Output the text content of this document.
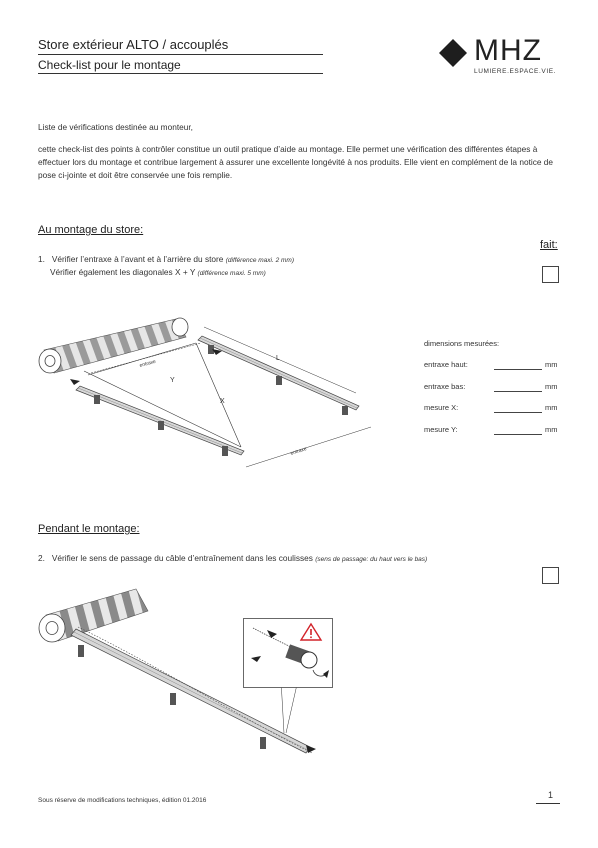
Store extérieur ALTO / accouplés
Check-list pour le montage	MHZ
LUMIERE.ESPACE.VIE.
Liste de vérifications destinée au monteur,
cette check-list des points à contrôler constitue un outil pratique d’aide au montage. Elle permet une vérification des différentes étapes à effectuer lors du montage et contribue largement à assurer une excellente longévité à nos produits. Elle vient en complément de la notice de pose ci-jointe et doit être conservée une fois remplie.
Au montage du store:
fait:
1. Vérifier l’entraxe à l’avant et à l’arrière du store (différence maxi. 2 mm)
Vérifier également les diagonales X + Y (différence maxi. 5 mm)
X
Y
L
entraxe
entraxe
dimensions mesurées:
entraxe haut:	mm
entraxe bas:	mm
mesure X:	mm
mesure Y:	mm
Pendant le montage:
2. Vérifier le sens de passage du câble d’entraînement dans les coulisses (sens de passage: du haut vers le bas)
Sous réserve de modifications techniques, édition 01.2016
1
